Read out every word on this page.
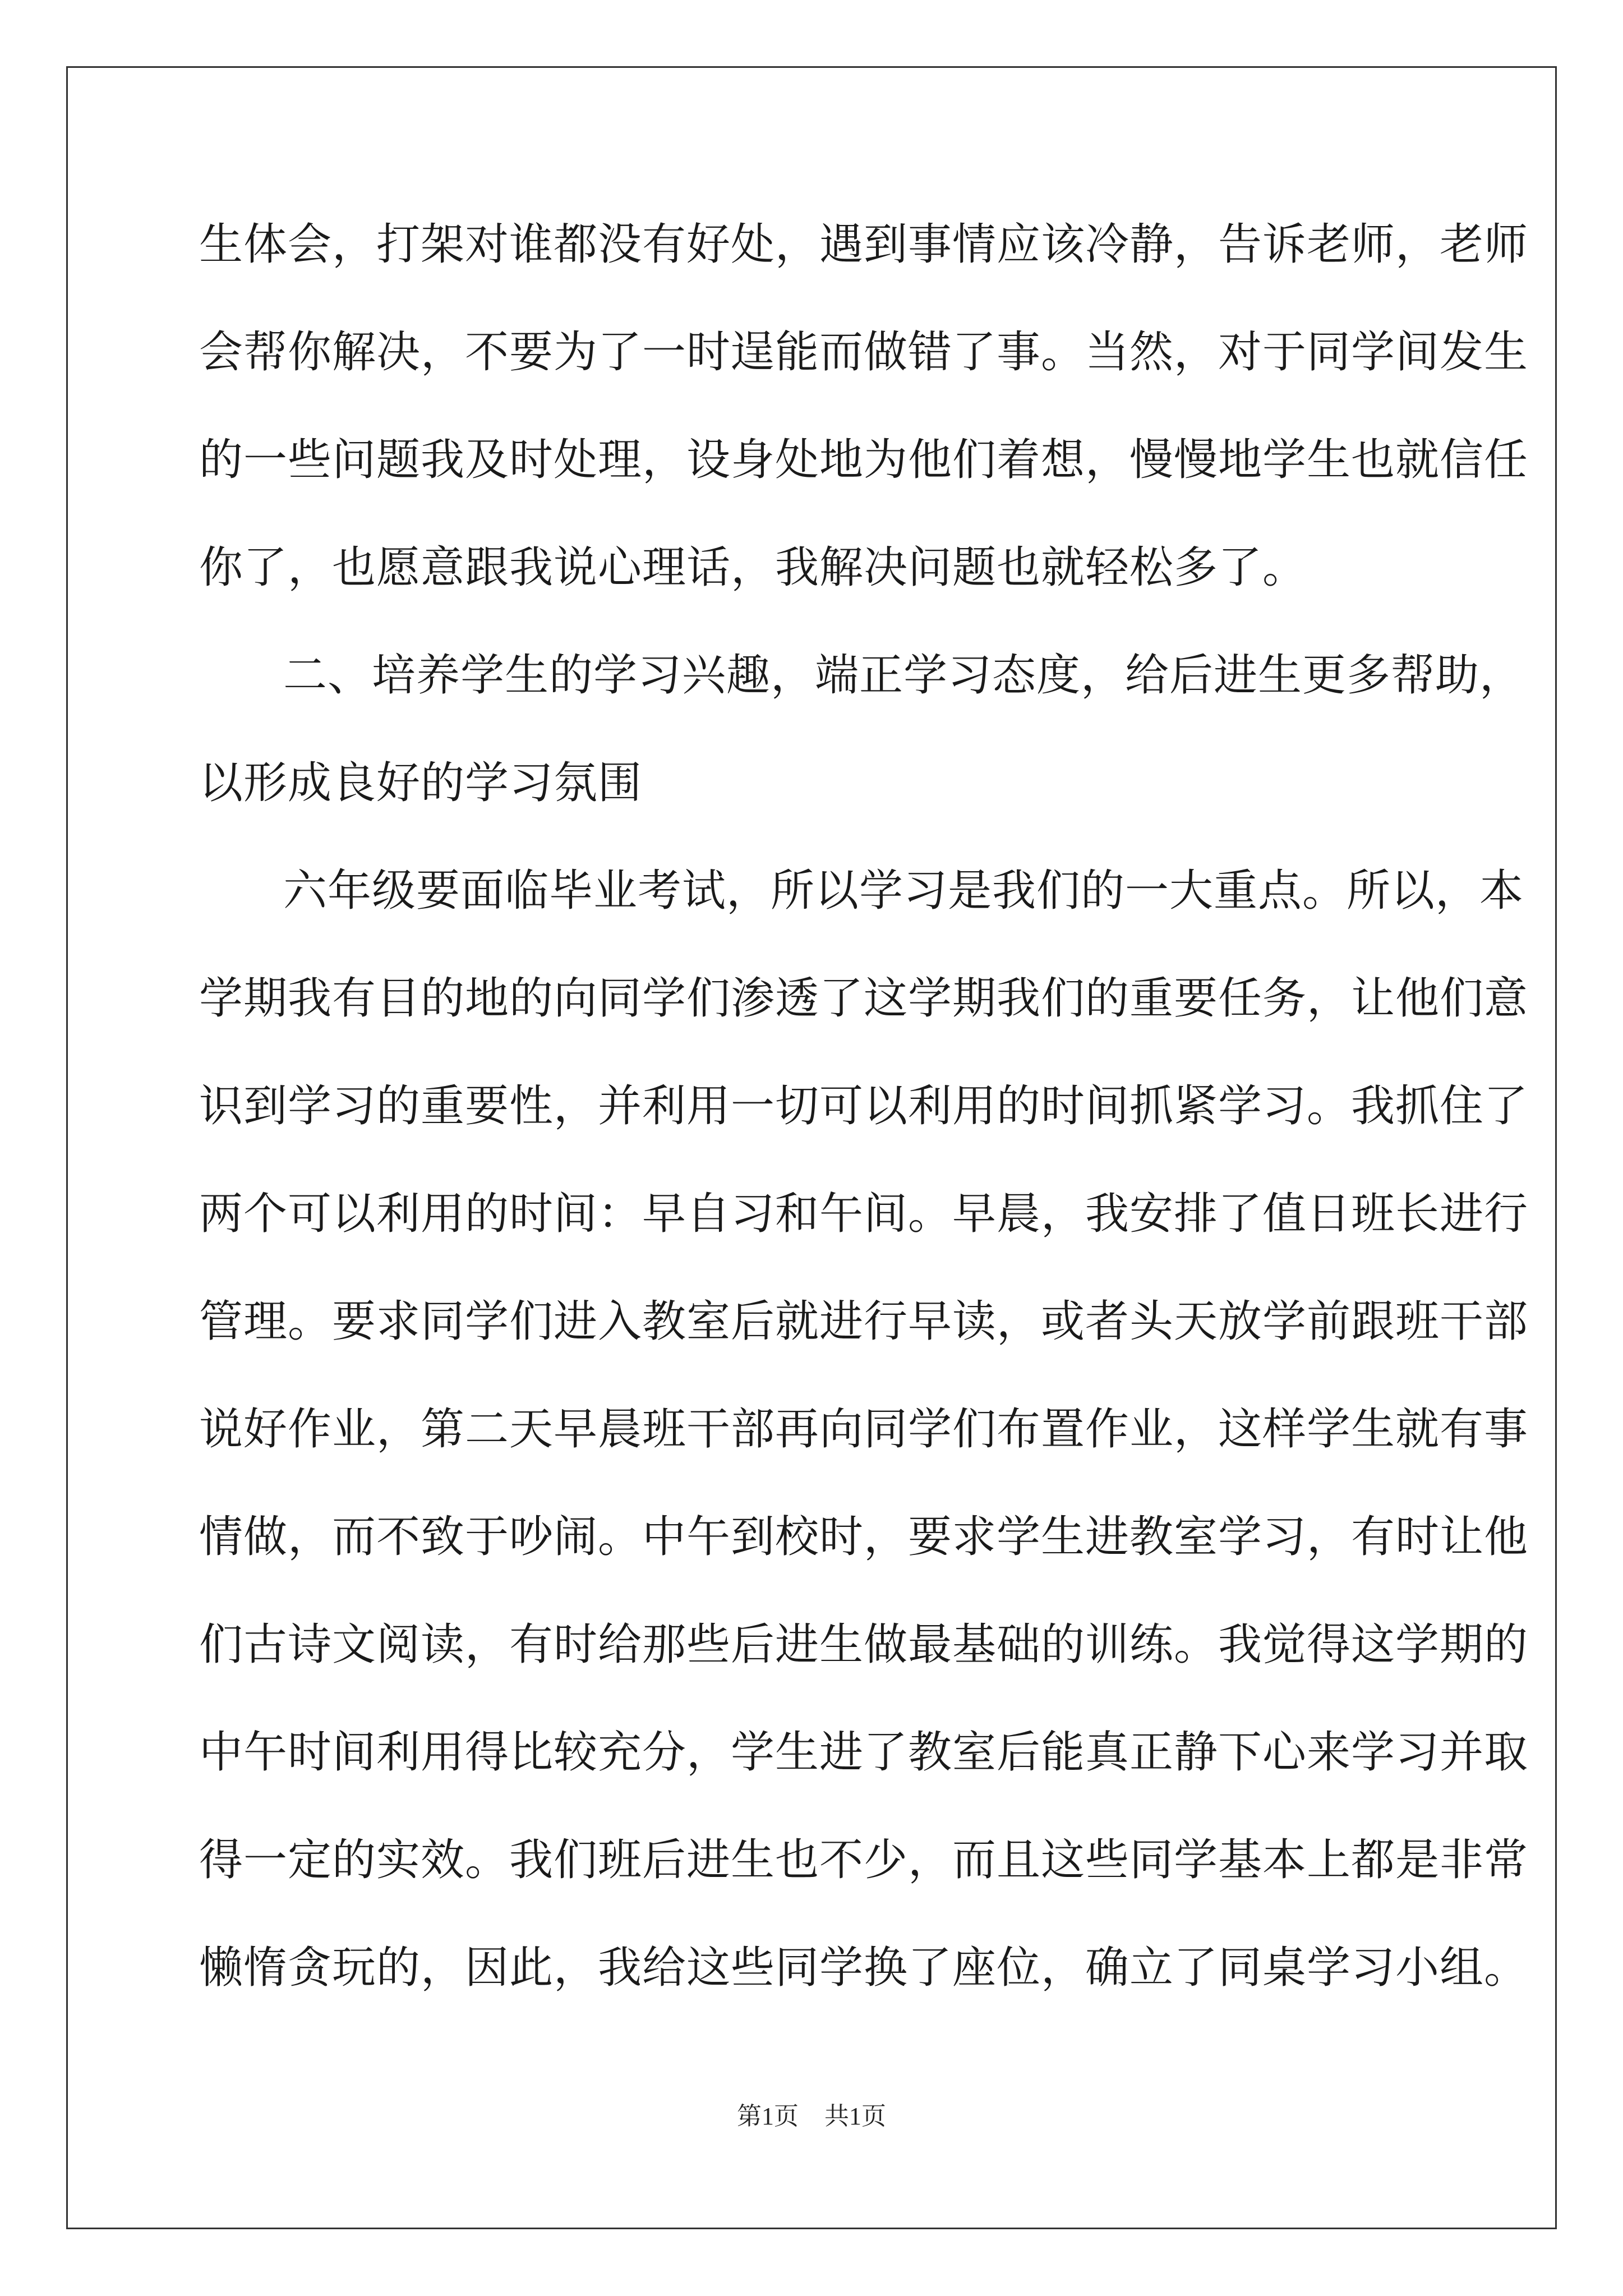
生体会，打架对谁都没有好处，遇到事情应该冷静，告诉老师，老师
会帮你解决，不要为了一时逞能而做错了事。当然，对于同学间发生
的一些问题我及时处理，设身处地为他们着想，慢慢地学生也就信任
你了，也愿意跟我说心理话，我解决问题也就轻松多了。
二、培养学生的学习兴趣，端正学习态度，给后进生更多帮助，
以形成良好的学习氛围
六年级要面临毕业考试，所以学习是我们的一大重点。所以，本
学期我有目的地的向同学们渗透了这学期我们的重要任务，让他们意
识到学习的重要性，并利用一切可以利用的时间抓紧学习。我抓住了
两个可以利用的时间：早自习和午间。早晨，我安排了值日班长进行
管理。要求同学们进入教室后就进行早读，或者头天放学前跟班干部
说好作业，第二天早晨班干部再向同学们布置作业，这样学生就有事
情做，而不致于吵闹。中午到校时，要求学生进教室学习，有时让他
们古诗文阅读，有时给那些后进生做最基础的训练。我觉得这学期的
中午时间利用得比较充分，学生进了教室后能真正静下心来学习并取
得一定的实效。我们班后进生也不少，而且这些同学基本上都是非常
懒惰贪玩的，因此，我给这些同学换了座位，确立了同桌学习小组。
第1页 共1页
